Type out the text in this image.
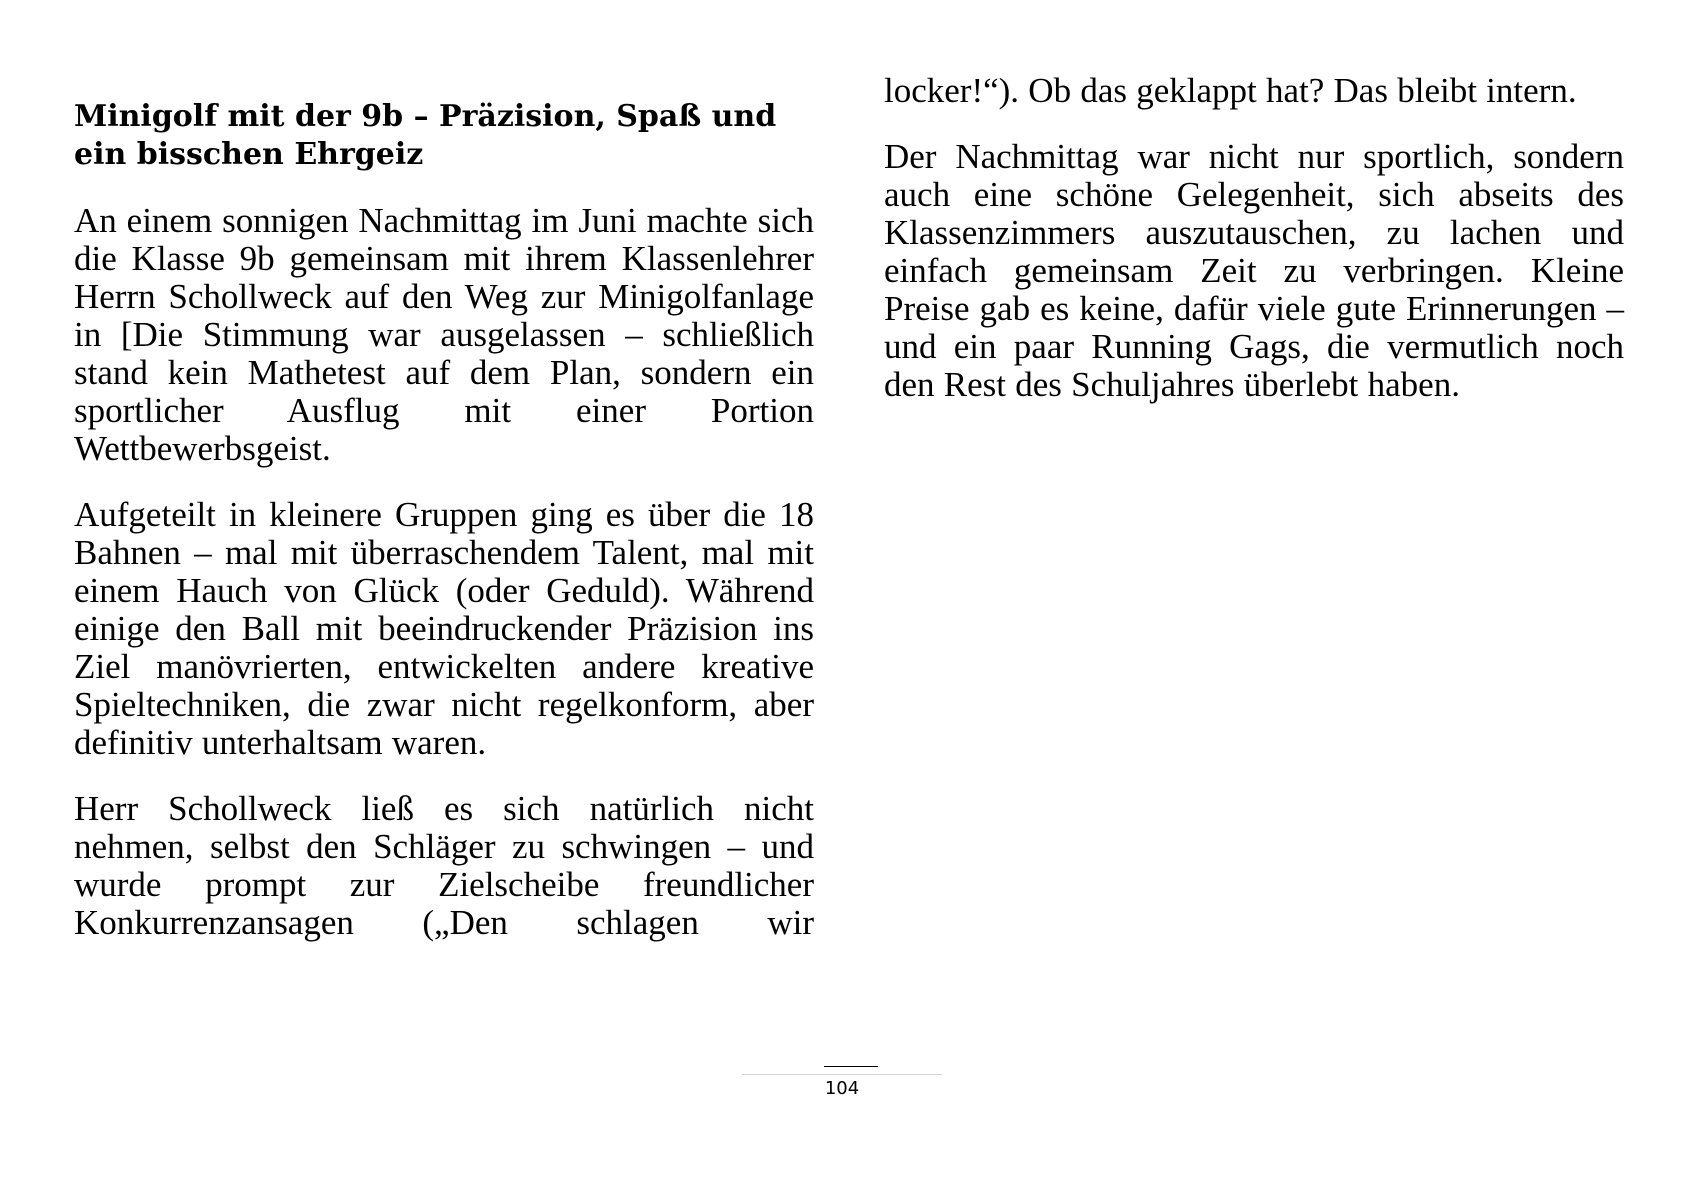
Minigolf mit der 9b – Präzision, Spaß und ein bisschen Ehrgeiz

An einem sonnigen Nachmittag im Juni machte sich die Klasse 9b gemeinsam mit ihrem Klassenlehrer Herrn Schollweck auf den Weg zur Minigolfanlage in [Die Stimmung war ausgelassen – schließlich stand kein Mathetest auf dem Plan, sondern ein sportlicher Ausflug mit einer Portion Wettbewerbsgeist.

Aufgeteilt in kleinere Gruppen ging es über die 18 Bahnen – mal mit überraschendem Talent, mal mit einem Hauch von Glück (oder Geduld). Während einige den Ball mit beeindruckender Präzision ins Ziel manövrierten, entwickelten andere kreative Spieltechniken, die zwar nicht regelkonform, aber definitiv unterhaltsam waren.

Herr Schollweck ließ es sich natürlich nicht nehmen, selbst den Schläger zu schwingen – und wurde prompt zur Zielscheibe freundlicher Konkurrenzansagen („Den schlagen wir

locker!“). Ob das geklappt hat? Das bleibt intern.

Der Nachmittag war nicht nur sportlich, sondern auch eine schöne Gelegenheit, sich abseits des Klassenzimmers auszutauschen, zu lachen und einfach gemeinsam Zeit zu verbringen. Kleine Preise gab es keine, dafür viele gute Erinnerungen – und ein paar Running Gags, die vermutlich noch den Rest des Schuljahres überlebt haben.

104
